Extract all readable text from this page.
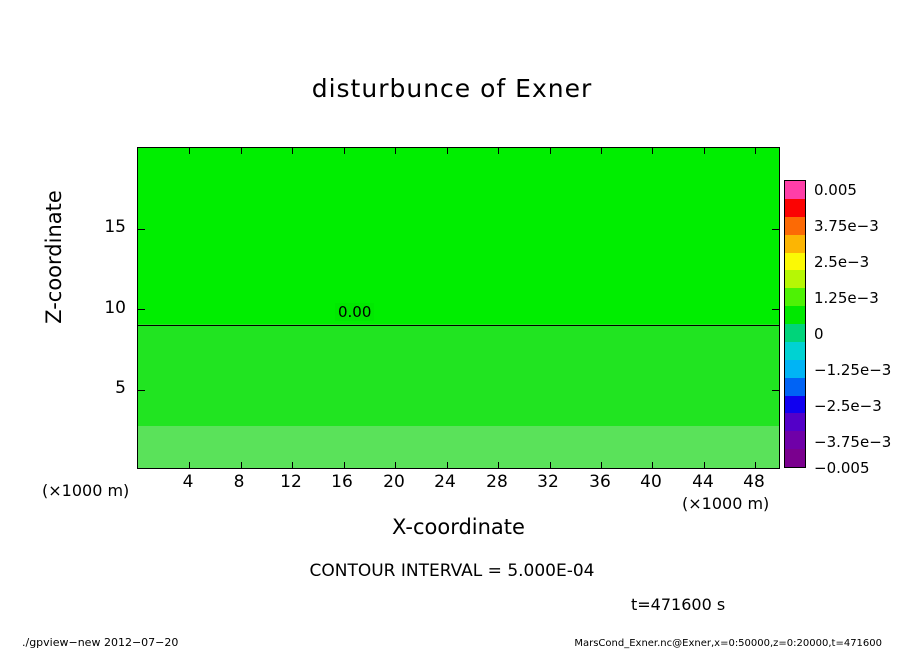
disturbunce of Exner
0.00
4	8	12	16	20	24	28	32	36	40	44	48
5
10
15
Z-coordinate
X-coordinate
(×1000 m)
(×1000 m)
0.005
3.75e−3
2.5e−3
1.25e−3
0
−1.25e−3
−2.5e−3
−3.75e−3
−0.005
CONTOUR INTERVAL = 5.000E-04
t=471600 s
./gpview−new 2012−07−20	MarsCond_Exner.nc@Exner,x=0:50000,z=0:20000,t=471600
